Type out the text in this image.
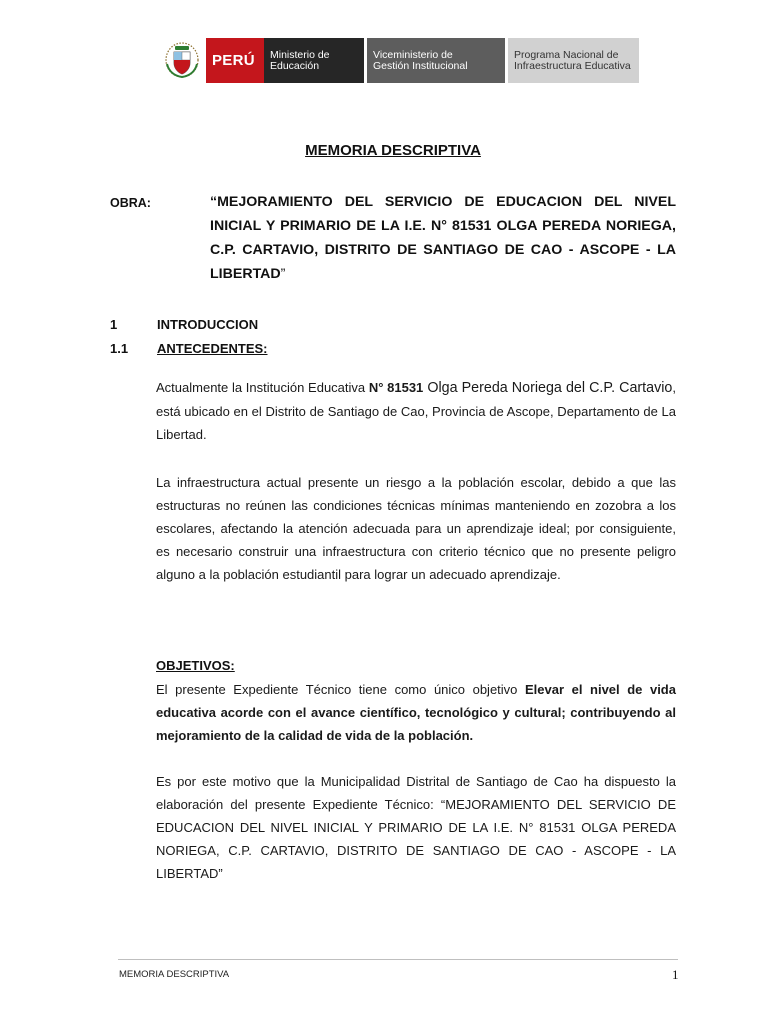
PERÚ	Ministerio de
Educación
Viceministerio de
Gestión Institucional
Programa Nacional de
Infraestructura Educativa
MEMORIA DESCRIPTIVA
OBRA:	“MEJORAMIENTO DEL SERVICIO DE EDUCACION DEL NIVEL INICIAL Y PRIMARIO DE LA I.E. N° 81531 OLGA PEREDA NORIEGA, C.P. CARTAVIO, DISTRITO DE SANTIAGO DE CAO - ASCOPE - LA LIBERTAD”
1	INTRODUCCION
1.1 ANTECEDENTES:
Actualmente la Institución Educativa N° 81531 Olga Pereda Noriega del C.P. Cartavio, está ubicado en el Distrito de Santiago de Cao, Provincia de Ascope, Departamento de La Libertad.
La infraestructura actual presente un riesgo a la población escolar, debido a que las estructuras no reúnen las condiciones técnicas mínimas manteniendo en zozobra a los escolares, afectando la atención adecuada para un aprendizaje ideal; por consiguiente, es necesario construir una infraestructura con criterio técnico que no presente peligro alguno a la población estudiantil para lograr un adecuado aprendizaje.
OBJETIVOS:
El presente Expediente Técnico tiene como único objetivo Elevar el nivel de vida educativa acorde con el avance científico, tecnológico y cultural; contribuyendo al mejoramiento de la calidad de vida de la población.
Es por este motivo que la Municipalidad Distrital de Santiago de Cao ha dispuesto la elaboración del presente Expediente Técnico: “MEJORAMIENTO DEL SERVICIO DE EDUCACION DEL NIVEL INICIAL Y PRIMARIO DE LA I.E. N° 81531 OLGA PEREDA NORIEGA, C.P. CARTAVIO, DISTRITO DE SANTIAGO DE CAO - ASCOPE - LA LIBERTAD”
MEMORIA DESCRIPTIVA	1
